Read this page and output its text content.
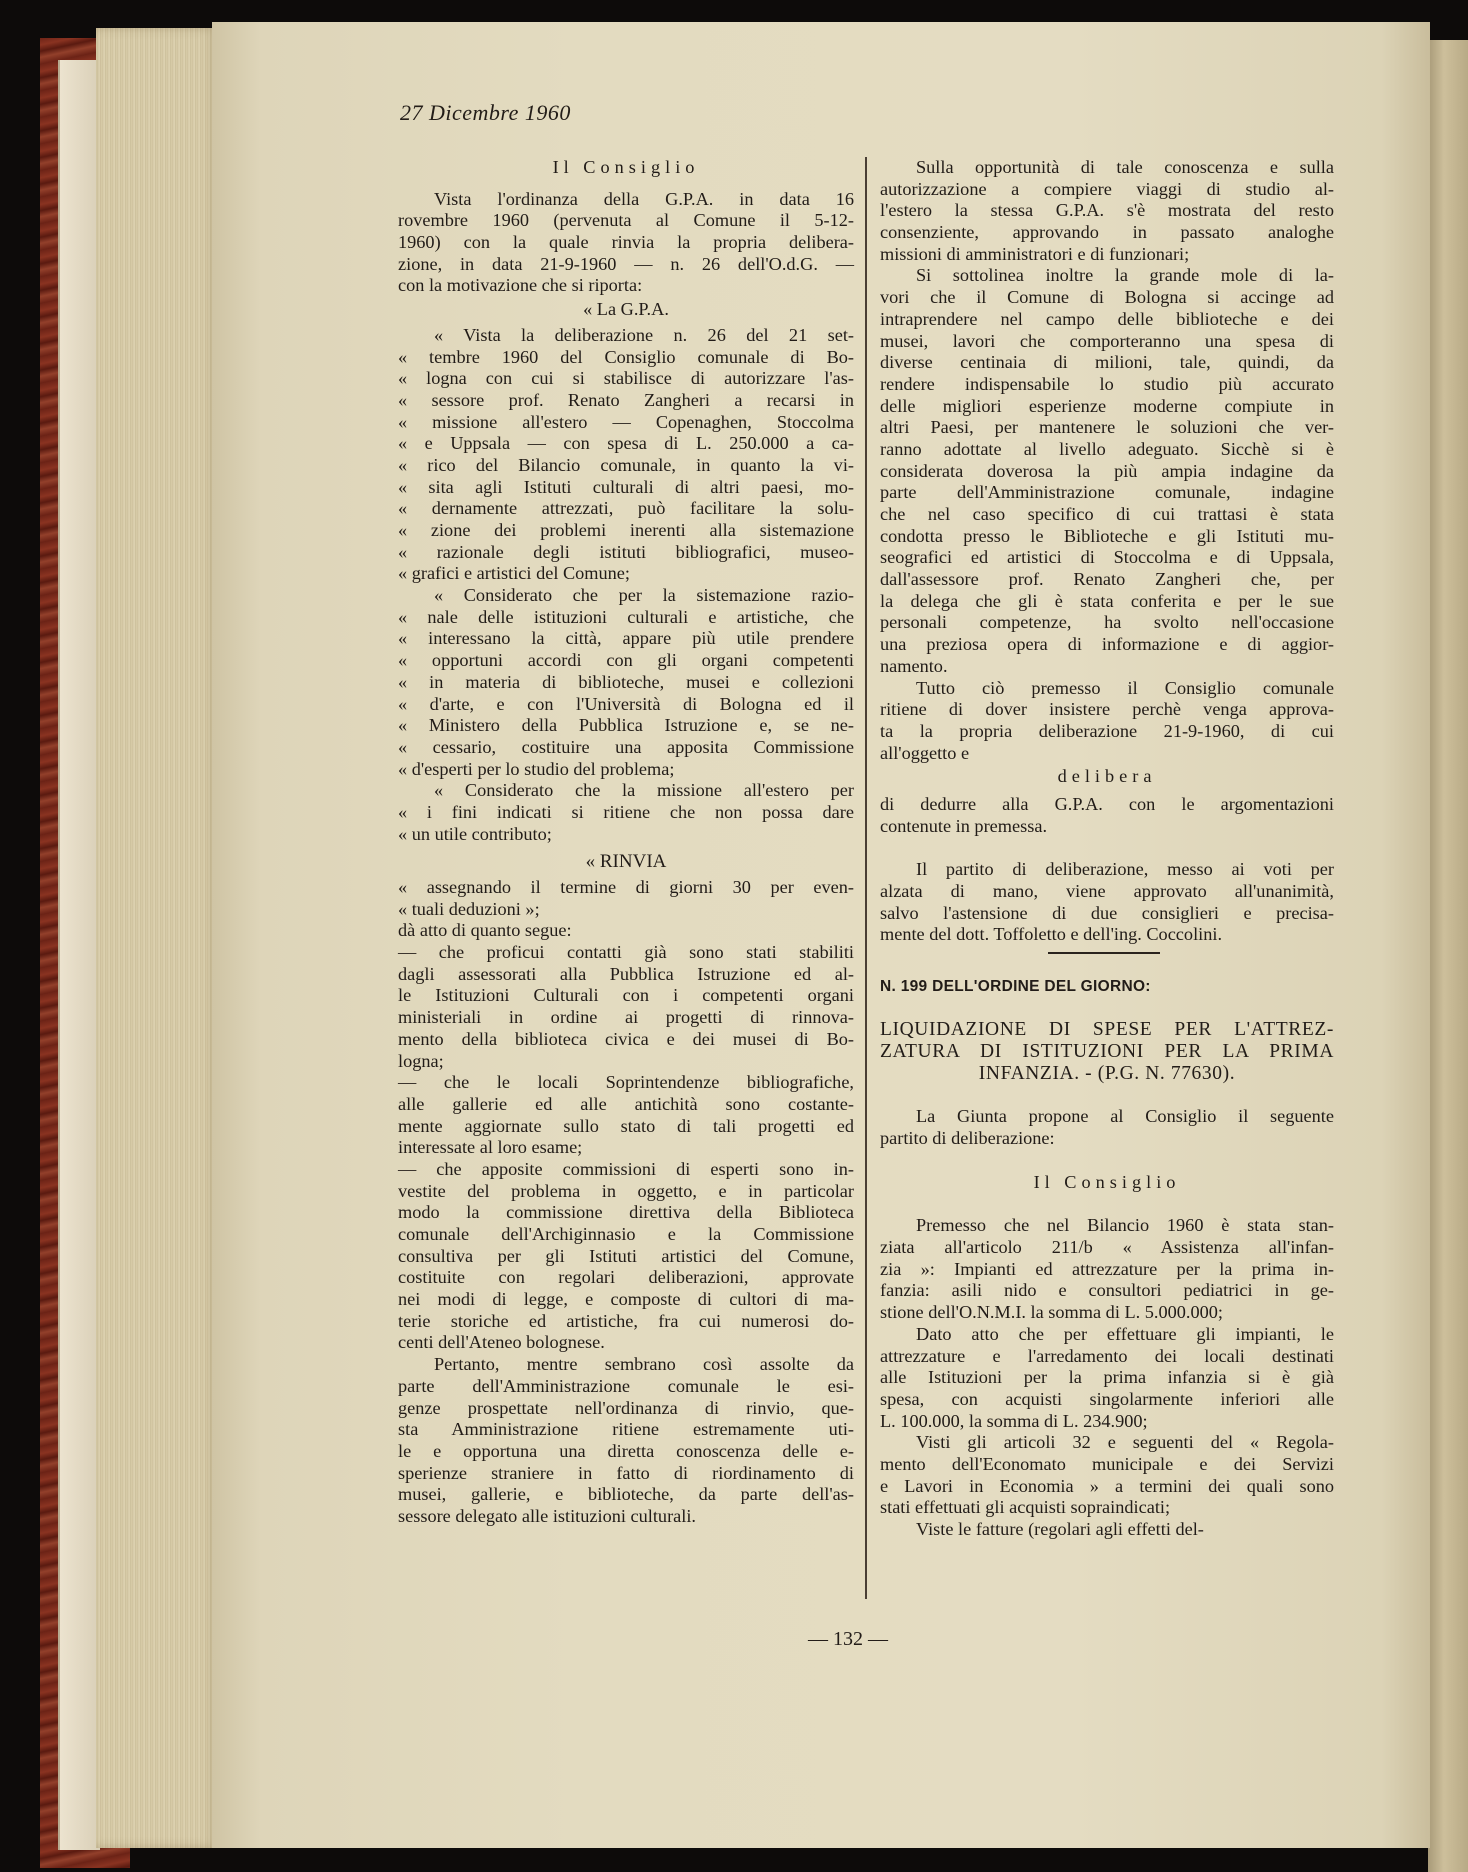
27 Dicembre 1960
Il Consiglio
Vista l'ordinanza della G.P.A. in data 16
rovembre 1960 (pervenuta al Comune il 5-12-
1960) con la quale rinvia la propria delibera-
zione, in data 21-9-1960 — n. 26 dell'O.d.G. —
con la motivazione che si riporta:
« La G.P.A.
« Vista la deliberazione n. 26 del 21 set-
« tembre 1960 del Consiglio comunale di Bo-
« logna con cui si stabilisce di autorizzare l'as-
« sessore prof. Renato Zangheri a recarsi in
« missione all'estero — Copenaghen, Stoccolma
« e Uppsala — con spesa di L. 250.000 a ca-
« rico del Bilancio comunale, in quanto la vi-
« sita agli Istituti culturali di altri paesi, mo-
« dernamente attrezzati, può facilitare la solu-
« zione dei problemi inerenti alla sistemazione
« razionale degli istituti bibliografici, museo-
« grafici e artistici del Comune;
« Considerato che per la sistemazione razio-
« nale delle istituzioni culturali e artistiche, che
« interessano la città, appare più utile prendere
« opportuni accordi con gli organi competenti
« in materia di biblioteche, musei e collezioni
« d'arte, e con l'Università di Bologna ed il
« Ministero della Pubblica Istruzione e, se ne-
« cessario, costituire una apposita Commissione
« d'esperti per lo studio del problema;
« Considerato che la missione all'estero per
« i fini indicati si ritiene che non possa dare
« un utile contributo;
« RINVIA
« assegnando il termine di giorni 30 per even-
« tuali deduzioni »;
dà atto di quanto segue:
— che proficui contatti già sono stati stabiliti
dagli assessorati alla Pubblica Istruzione ed al-
le Istituzioni Culturali con i competenti organi
ministeriali in ordine ai progetti di rinnova-
mento della biblioteca civica e dei musei di Bo-
logna;
— che le locali Soprintendenze bibliografiche,
alle gallerie ed alle antichità sono costante-
mente aggiornate sullo stato di tali progetti ed
interessate al loro esame;
— che apposite commissioni di esperti sono in-
vestite del problema in oggetto, e in particolar
modo la commissione direttiva della Biblioteca
comunale dell'Archiginnasio e la Commissione
consultiva per gli Istituti artistici del Comune,
costituite con regolari deliberazioni, approvate
nei modi di legge, e composte di cultori di ma-
terie storiche ed artistiche, fra cui numerosi do-
centi dell'Ateneo bolognese.
Pertanto, mentre sembrano così assolte da
parte dell'Amministrazione comunale le esi-
genze prospettate nell'ordinanza di rinvio, que-
sta Amministrazione ritiene estremamente uti-
le e opportuna una diretta conoscenza delle e-
sperienze straniere in fatto di riordinamento di
musei, gallerie, e biblioteche, da parte dell'as-
sessore delegato alle istituzioni culturali.
Sulla opportunità di tale conoscenza e sulla
autorizzazione a compiere viaggi di studio al-
l'estero la stessa G.P.A. s'è mostrata del resto
consenziente, approvando in passato analoghe
missioni di amministratori e di funzionari;
Si sottolinea inoltre la grande mole di la-
vori che il Comune di Bologna si accinge ad
intraprendere nel campo delle biblioteche e dei
musei, lavori che comporteranno una spesa di
diverse centinaia di milioni, tale, quindi, da
rendere indispensabile lo studio più accurato
delle migliori esperienze moderne compiute in
altri Paesi, per mantenere le soluzioni che ver-
ranno adottate al livello adeguato. Sicchè si è
considerata doverosa la più ampia indagine da
parte dell'Amministrazione comunale, indagine
che nel caso specifico di cui trattasi è stata
condotta presso le Biblioteche e gli Istituti mu-
seografici ed artistici di Stoccolma e di Uppsala,
dall'assessore prof. Renato Zangheri che, per
la delega che gli è stata conferita e per le sue
personali competenze, ha svolto nell'occasione
una preziosa opera di informazione e di aggior-
namento.
Tutto ciò premesso il Consiglio comunale
ritiene di dover insistere perchè venga approva-
ta la propria deliberazione 21-9-1960, di cui
all'oggetto e
delibera
di dedurre alla G.P.A. con le argomentazioni
contenute in premessa.
Il partito di deliberazione, messo ai voti per
alzata di mano, viene approvato all'unanimità,
salvo l'astensione di due consiglieri e precisa-
mente del dott. Toffoletto e dell'ing. Coccolini.
N. 199 DELL'ORDINE DEL GIORNO:
LIQUIDAZIONE DI SPESE PER L'ATTREZ-
ZATURA DI ISTITUZIONI PER LA PRIMA
INFANZIA. - (P.G. N. 77630).
La Giunta propone al Consiglio il seguente
partito di deliberazione:
Il Consiglio
Premesso che nel Bilancio 1960 è stata stan-
ziata all'articolo 211/b « Assistenza all'infan-
zia »: Impianti ed attrezzature per la prima in-
fanzia: asili nido e consultori pediatrici in ge-
stione dell'O.N.M.I. la somma di L. 5.000.000;
Dato atto che per effettuare gli impianti, le
attrezzature e l'arredamento dei locali destinati
alle Istituzioni per la prima infanzia si è già
spesa, con acquisti singolarmente inferiori alle
L. 100.000, la somma di L. 234.900;
Visti gli articoli 32 e seguenti del « Regola-
mento dell'Economato municipale e dei Servizi
e Lavori in Economia » a termini dei quali sono
stati effettuati gli acquisti sopraindicati;
Viste le fatture (regolari agli effetti del-
— 132 —
